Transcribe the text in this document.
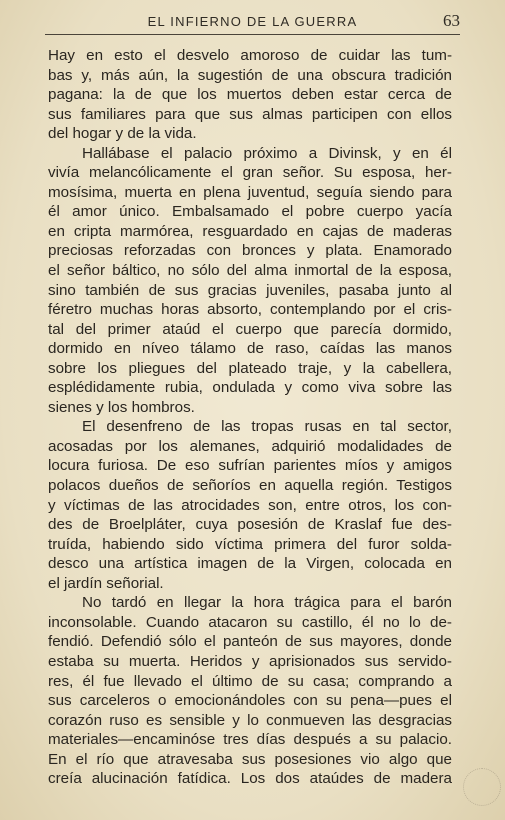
EL INFIERNO DE LA GUERRA	63
Hay en esto el desvelo amoroso de cuidar las tum-
bas y, más aún, la sugestión de una obscura tradición
pagana: la de que los muertos deben estar cerca de
sus familiares para que sus almas participen con ellos
del hogar y de la vida.
Hallábase el palacio próximo a Divinsk, y en él
vivía melancólicamente el gran señor. Su esposa, her-
mosísima, muerta en plena juventud, seguía siendo para
él amor único. Embalsamado el pobre cuerpo yacía
en cripta marmórea, resguardado en cajas de maderas
preciosas reforzadas con bronces y plata. Enamorado
el señor báltico, no sólo del alma inmortal de la esposa,
sino también de sus gracias juveniles, pasaba junto al
féretro muchas horas absorto, contemplando por el cris-
tal del primer ataúd el cuerpo que parecía dormido,
dormido en níveo tálamo de raso, caídas las manos
sobre los pliegues del plateado traje, y la cabellera,
esplédidamente rubia, ondulada y como viva sobre las
sienes y los hombros.
El desenfreno de las tropas rusas en tal sector,
acosadas por los alemanes, adquirió modalidades de
locura furiosa. De eso sufrían parientes míos y amigos
polacos dueños de señoríos en aquella región. Testigos
y víctimas de las atrocidades son, entre otros, los con-
des de Broelpláter, cuya posesión de Kraslaf fue des-
truída, habiendo sido víctima primera del furor solda-
desco una artística imagen de la Virgen, colocada en
el jardín señorial.
No tardó en llegar la hora trágica para el barón
inconsolable. Cuando atacaron su castillo, él no lo de-
fendió. Defendió sólo el panteón de sus mayores, donde
estaba su muerta. Heridos y aprisionados sus servido-
res, él fue llevado el último de su casa; comprando a
sus carceleros o emocionándoles con su pena—pues el
corazón ruso es sensible y lo conmueven las desgracias
materiales—encaminóse tres días después a su palacio.
En el río que atravesaba sus posesiones vio algo que
creía alucinación fatídica. Los dos ataúdes de madera
